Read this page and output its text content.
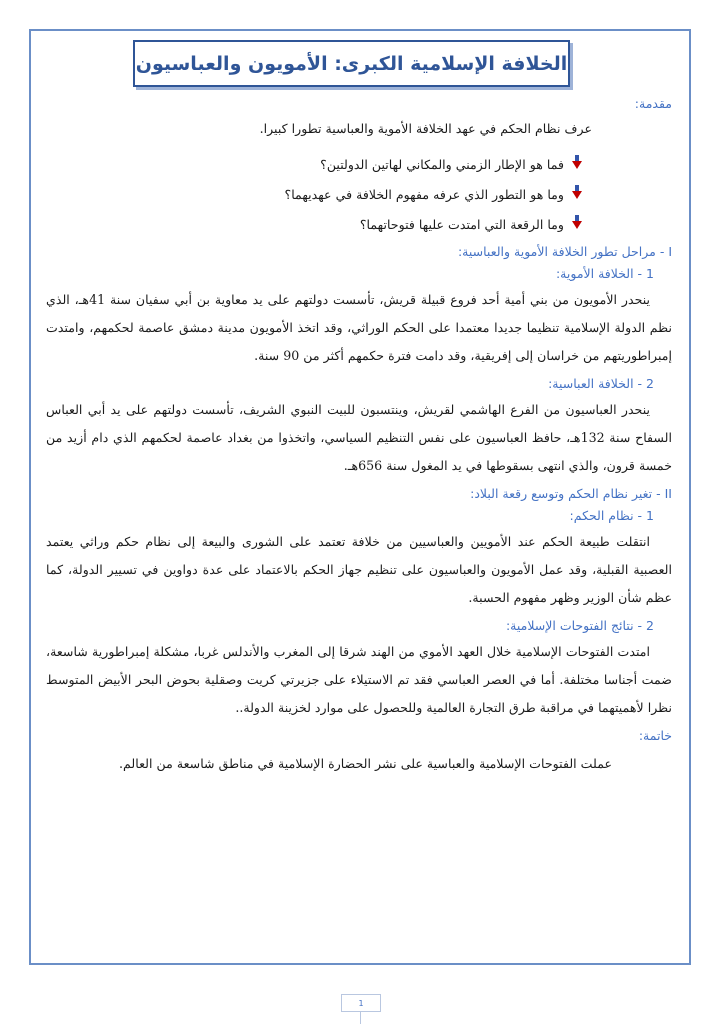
الخلافة الإسلامية الكبرى: الأمويون والعباسيون
مقدمة:

عرف نظام الحكم في عهد الخلافة الأموية والعباسية تطورا كبيرا.

فما هو الإطار الزمني والمكاني لهاتين الدولتين؟
وما هو التطور الذي عرفه مفهوم الخلافة في عهديهما؟
وما الرقعة التي امتدت عليها فتوحاتهما؟
I - مراحل تطور الخلافة الأموية والعباسية:
1 - الخلافة الأموية:

ينحدر الأمويون من بني أمية أحد فروع قبيلة قريش، تأسست دولتهم على يد معاوية بن أبي سفيان سنة 41هـ، الذي نظم الدولة الإسلامية تنظيما جديدا معتمدا على الحكم الوراثي، وقد اتخذ الأمويون مدينة دمشق عاصمة لحكمهم، وامتدت إمبراطوريتهم من خراسان إلى إفريقية، وقد دامت فترة حكمهم أكثر من 90 سنة.

2 - الخلافة العباسية:

ينحدر العباسيون من الفرع الهاشمي لقريش، وينتسبون للبيت النبوي الشريف، تأسست دولتهم على يد أبي العباس السفاح سنة 132هـ، حافظ العباسيون على نفس التنظيم السياسي، واتخذوا من بغداد عاصمة لحكمهم الذي دام أزيد من خمسة قرون، والذي انتهى بسقوطها في يد المغول سنة 656هـ.

II - تغير نظام الحكم وتوسع رقعة البلاد:
1 - نظام الحكم:

انتقلت طبيعة الحكم عند الأمويين والعباسيين من خلافة تعتمد على الشورى والبيعة إلى نظام حكم وراثي يعتمد العصبية القبلية، وقد عمل الأمويون والعباسيون على تنظيم جهاز الحكم بالاعتماد على عدة دواوين في تسيير الدولة، كما عظم شأن الوزير وظهر مفهوم الحسبة.

2 - نتائج الفتوحات الإسلامية:

امتدت الفتوحات الإسلامية خلال العهد الأموي من الهند شرقا إلى المغرب والأندلس غربا، مشكلة إمبراطورية شاسعة، ضمت أجناسا مختلفة. أما في العصر العباسي فقد تم الاستيلاء على جزيرتي كريت وصقلية بحوض البحر الأبيض المتوسط نظرا لأهميتهما في مراقبة طرق التجارة العالمية وللحصول على موارد لخزينة الدولة..

خاتمة:

عملت الفتوحات الإسلامية والعباسية على نشر الحضارة الإسلامية في مناطق شاسعة من العالم.

1
